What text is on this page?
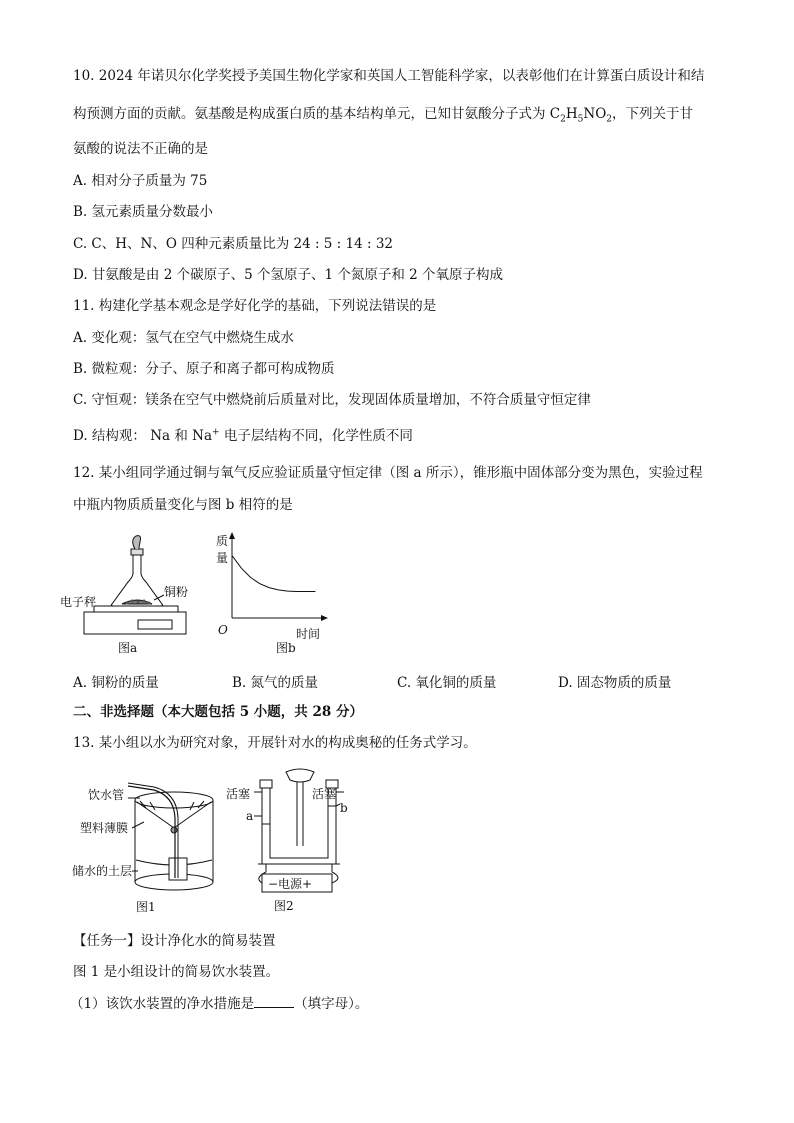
10. 2024 年诺贝尔化学奖授予美国生物化学家和英国人工智能科学家，以表彰他们在计算蛋白质设计和结
构预测方面的贡献。氨基酸是构成蛋白质的基本结构单元，已知甘氨酸分子式为 $C_2H_5NO_2$，下列关于甘
氨酸的说法不正确的是
A. 相对分子质量为 75
B. 氢元素质量分数最小
C. C、H、N、O 四种元素质量比为 24 : 5 : 14 : 32
D. 甘氨酸是由 2 个碳原子、5 个氢原子、1 个氮原子和 2 个氧原子构成
11. 构建化学基本观念是学好化学的基础，下列说法错误的是
A. 变化观：氢气在空气中燃烧生成水
B. 微粒观：分子、原子和离子都可构成物质
C. 守恒观：镁条在空气中燃烧前后质量对比，发现固体质量增加，不符合质量守恒定律
D. 结构观： Na 和 Na+ 电子层结构不同，化学性质不同
12. 某小组同学通过铜与氧气反应验证质量守恒定律（图 a 所示），锥形瓶中固体部分变为黑色，实验过程
中瓶内物质质量变化与图 b 相符的是
电子秤
铜粉
图a
质
量
O	时间
图b
A. 铜粉的质量	B. 氮气的质量	C. 氧化铜的质量	D. 固态物质的质量
二、非选择题（本大题包括 5 小题，共 28 分）
13. 某小组以水为研究对象，开展针对水的构成奥秘的任务式学习。
饮水管
塑料薄膜
储水的土层
图1
活塞	活塞
a
b
−电源+
图2
【任务一】设计净化水的简易装置
图 1 是小组设计的简易饮水装置。
（1）该饮水装置的净水措施是	（填字母）。
